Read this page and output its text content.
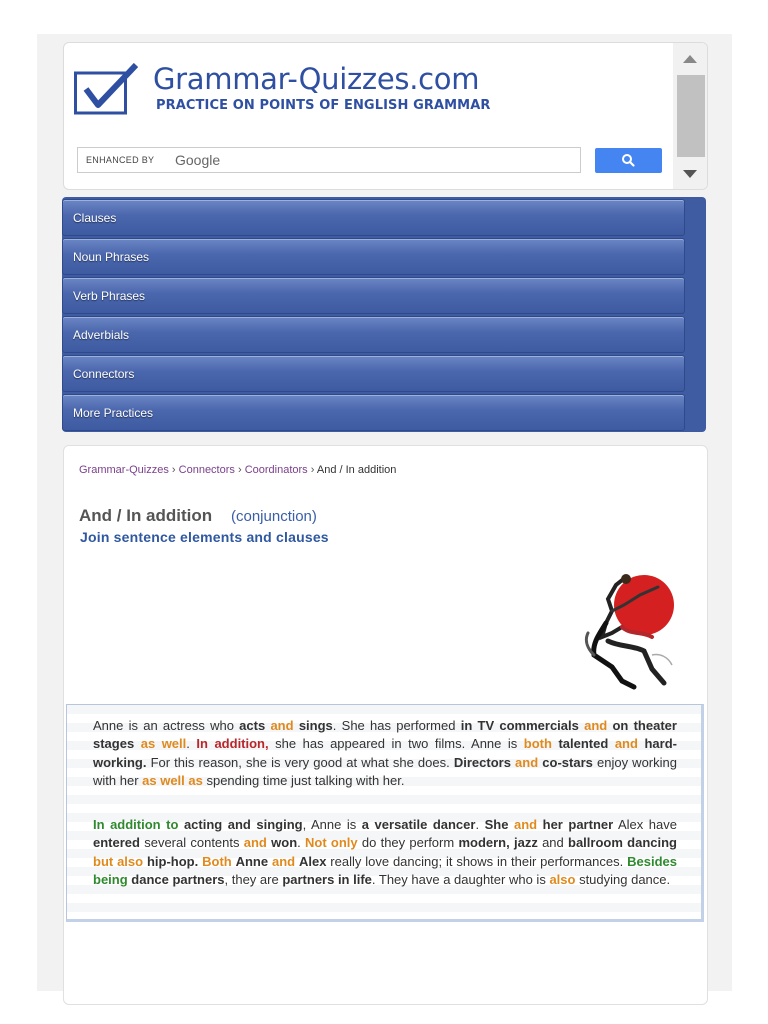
Grammar-Quizzes.com
PRACTICE ON POINTS OF ENGLISH GRAMMAR
ENHANCED BY Google
Clauses
Noun Phrases
Verb Phrases
Adverbials
Connectors
More Practices
Grammar-Quizzes › Connectors › Coordinators › And / In addition
And / In addition (conjunction)
Join sentence elements and clauses

Anne is an actress who acts and sings. She has performed in TV commercials and on theater stages as well. In addition, she has appeared in two films. Anne is both talented and hard-working. For this reason, she is very good at what she does. Directors and co-stars enjoy working with her as well as spending time just talking with her.

In addition to acting and singing, Anne is a versatile dancer. She and her partner Alex have entered several contents and won. Not only do they perform modern, jazz and ballroom dancing but also hip-hop. Both Anne and Alex really love dancing; it shows in their performances. Besides being dance partners, they are partners in life. They have a daughter who is also studying dance.
